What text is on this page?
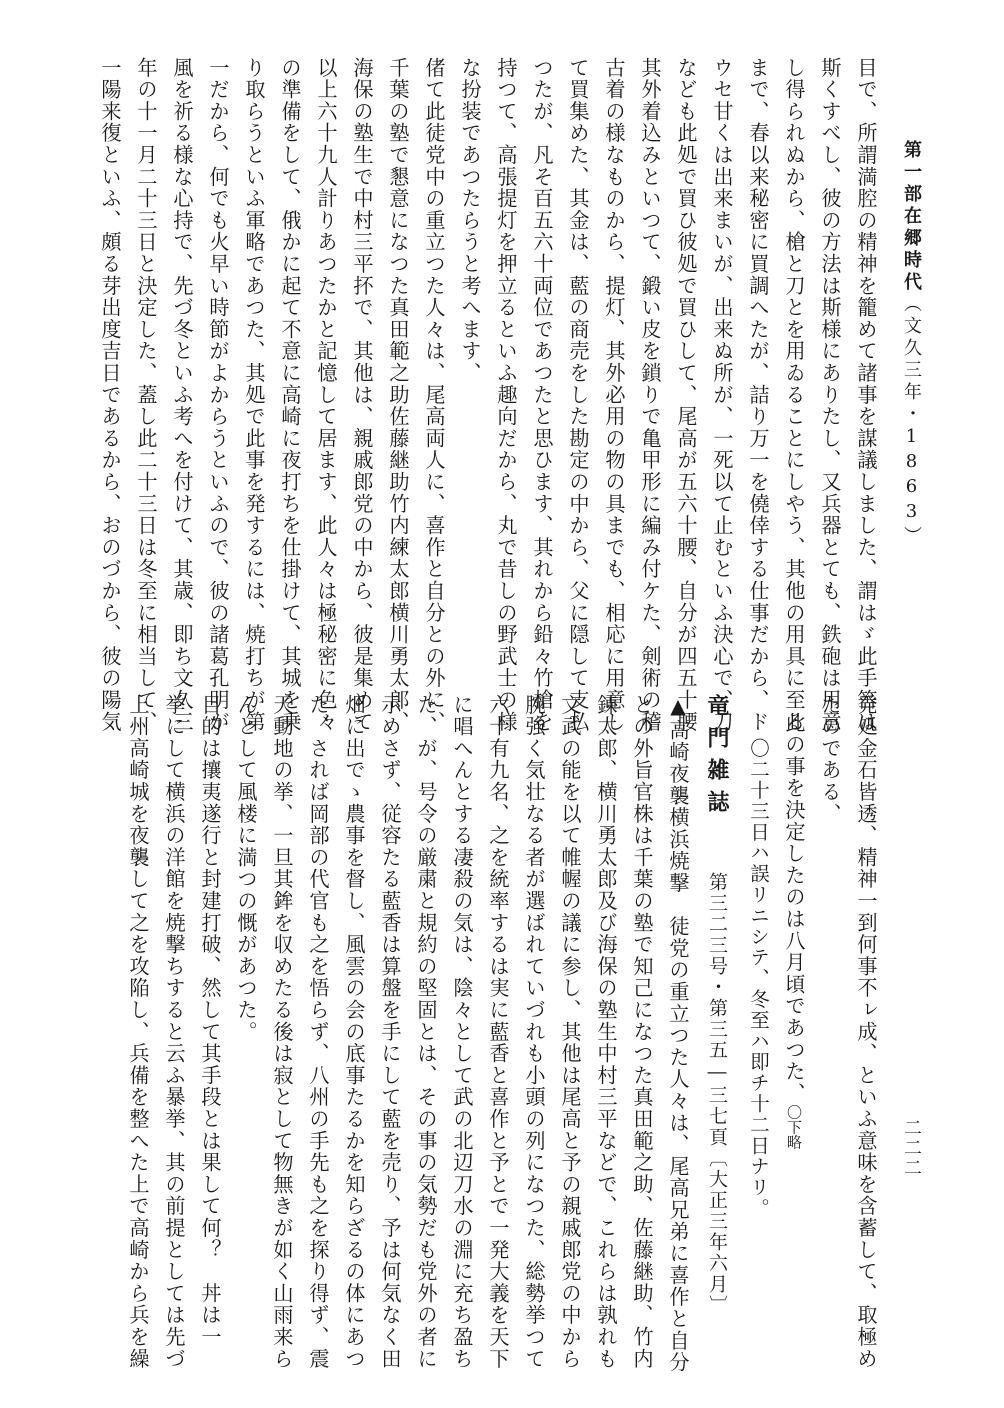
第一部在郷時代（文久三年・1863）
二二二
目で、所謂満腔の精神を籠めて諸事を謀議しました、謂はゞ此手筈は
斯くすべし、彼の方法は斯様にありたし、又兵器とても、鉄砲は用意
し得られぬから、槍と刀とを用ゐることにしやう、其他の用具に至る
まで、春以来秘密に買調へたが、詰り万一を僥倖する仕事だから、ド
ウセ甘くは出来まいが、出来ぬ所が、一死以て止むといふ決心で、刀
なども此処で買ひ彼処で買ひして、尾高が五六十腰、自分が四五十腰
其外着込みといつて、鍛い皮を鎖りで亀甲形に編み付ケた、剣術の稽
古着の様なものから、提灯、其外必用の物の具までも、相応に用意し
て買集めた、其金は、藍の商売をした勘定の中から、父に隠して支払
つたが、凡そ百五六十両位であつたと思ひます、其れから鉛々竹槍を
持つて、高張提灯を押立るといふ趣向だから、丸で昔しの野武士の様
な扮装であつたらうと考へます、
偖て此徒党中の重立つた人々は、尾高両人に、喜作と自分との外に、
千葉の塾で懇意になつた真田範之助佐藤継助竹内練太郎横川勇太郎、
海保の塾生で中村三平抔で、其他は、親戚郎党の中から、彼是集めて
以上六十九人計りあつたかと記憶して居ます、此人々は極秘密に色々
の準備をして、俄かに起て不意に高崎に夜打ちを仕掛けて、其城を乗
り取らうといふ軍略であつた、其処で此事を発するには、焼打ちが第
一だから、何でも火早い時節がよからうといふので、彼の諸葛孔明が
風を祈る様な心持で、先づ冬といふ考へを付けて、其歳、即ち文久三
年の十一月二十三日と決定した、蓋し此二十三日は冬至に相当して、
一陽来復といふ、頗る芽出度吉日であるから、おのづから、彼の陽気
発処金石皆透、精神一到何事不ㇾ成、といふ意味を含蓄して、取極め
たのである、
此の事を決定したのは八月頃であつた、〇下略
〇二十三日ハ誤リニシテ、冬至ハ即チ十二日ナリ。
竜門雑誌第三二三号・第三五―三七頁〔大正三年六月〕
▲高崎夜襲横浜焼撃　徒党の重立つた人々は、尾高兄弟に喜作と自分
との外旨官株は千葉の塾で知己になつた真田範之助、佐藤継助、竹内
錬太郎、横川勇太郎及び海保の塾生中村三平などで、これらは孰れも
文武の能を以て帷幄の議に参し、其他は尾高と予の親戚郎党の中から
腕強く気壮なる者が選ばれていづれも小頭の列になつた、総勢挙つて
六十有九名、之を統率するは実に藍香と喜作と予とで一発大義を天下
に唱へんとする凄殺の気は、陰々として武の北辺刀水の淵に充ち盈ち
た、が、号令の厳粛と規約の堅固とは、その事の気勢だも党外の者に
示めさず、従容たる藍香は算盤を手にして藍を売り、予は何気なく田
畑に出でゝ農事を督し、風雲の会の底事たるかを知らざるの体にあつ
た、されば岡部の代官も之を悟らず、八州の手先も之を探り得ず、震
天動地の挙、一旦其鉾を収めたる後は寂として物無きが如く山雨来ら
んとして風楼に満つの慨があつた。
目的は攘夷遂行と封建打破、然して其手段とは果して何？　丼は一
挙にして横浜の洋館を焼撃ちすると云ふ暴挙、其の前提としては先づ
上州高崎城を夜襲して之を攻陥し、兵備を整へた上で高崎から兵を繰
